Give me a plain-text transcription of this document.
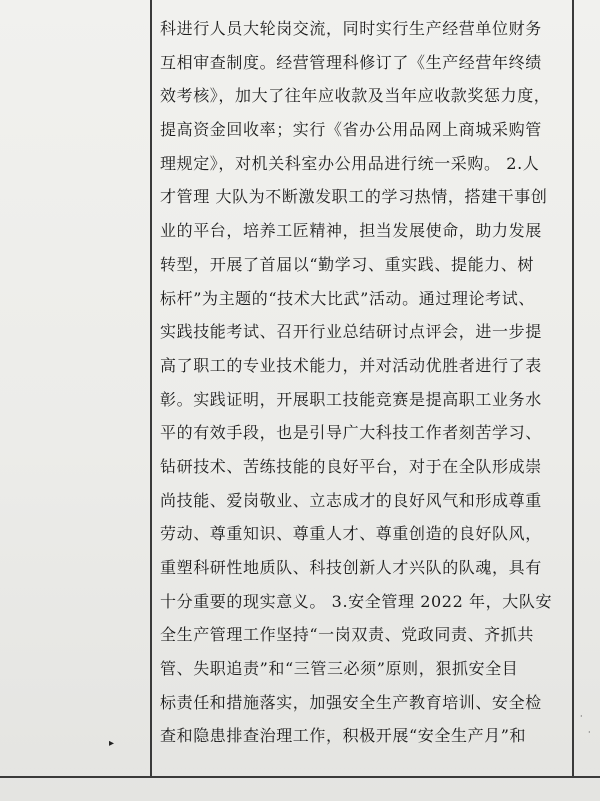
科进行人员大轮岗交流，同时实行生产经营单位财务
互相审查制度。经营管理科修订了《生产经营年终绩
效考核》，加大了往年应收款及当年应收款奖惩力度，
提高资金回收率；实行《省办公用品网上商城采购管
理规定》，对机关科室办公用品进行统一采购。 2.人
才管理 大队为不断激发职工的学习热情，搭建干事创
业的平台，培养工匠精神，担当发展使命，助力发展
转型，开展了首届以“勤学习、重实践、提能力、树
标杆”为主题的“技术大比武”活动。通过理论考试、
实践技能考试、召开行业总结研讨点评会，进一步提
高了职工的专业技术能力，并对活动优胜者进行了表
彰。实践证明，开展职工技能竞赛是提高职工业务水
平的有效手段，也是引导广大科技工作者刻苦学习、
钻研技术、苦练技能的良好平台，对于在全队形成崇
尚技能、爱岗敬业、立志成才的良好风气和形成尊重
劳动、尊重知识、尊重人才、尊重创造的良好队风，
重塑科研性地质队、科技创新人才兴队的队魂，具有
十分重要的现实意义。 3.安全管理 2022 年，大队安
全生产管理工作坚持“一岗双责、党政同责、齐抓共
管、失职追责”和“三管三必须”原则，狠抓安全目
标责任和措施落实，加强安全生产教育培训、安全检
查和隐患排查治理工作，积极开展“安全生产月”和
▸
·
·
